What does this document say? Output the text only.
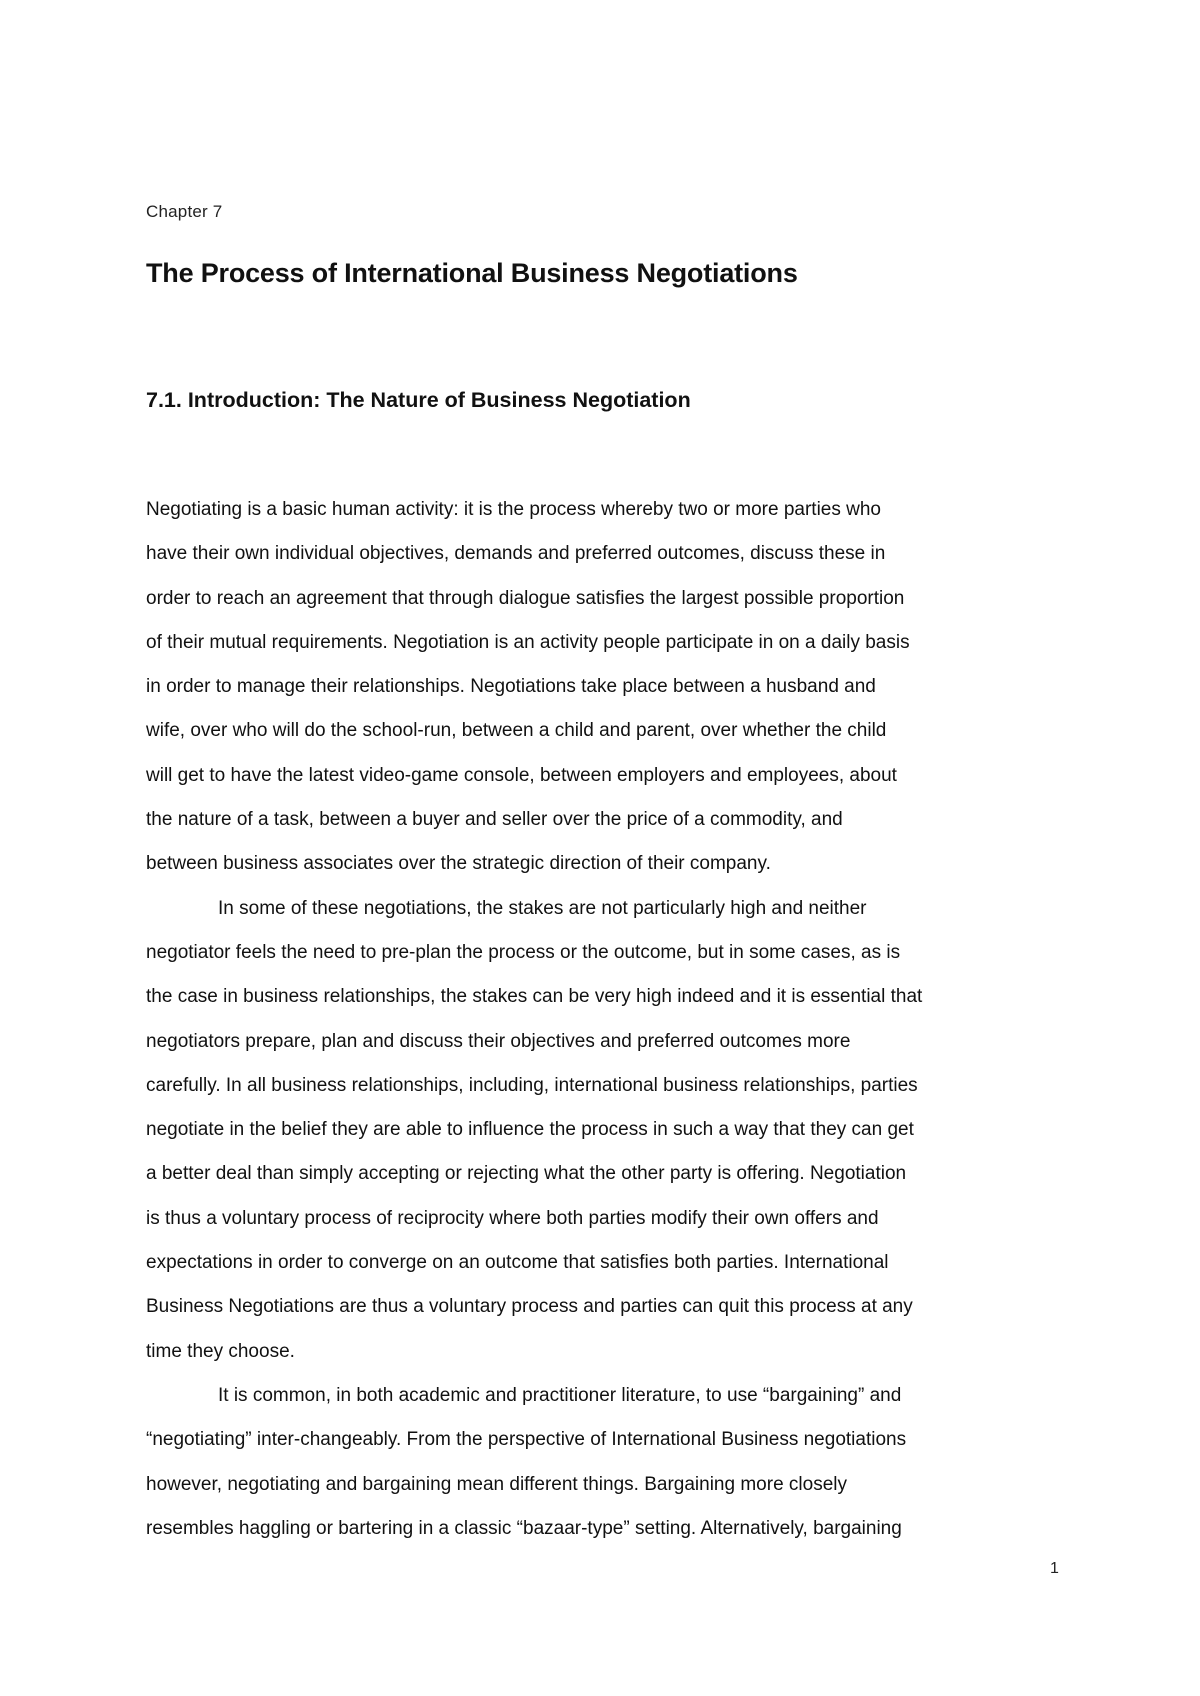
Chapter 7
The Process of International Business Negotiations
7.1. Introduction: The Nature of Business Negotiation

Negotiating is a basic human activity: it is the process whereby two or more parties who
have their own individual objectives, demands and preferred outcomes, discuss these in
order to reach an agreement that through dialogue satisfies the largest possible proportion
of their mutual requirements. Negotiation is an activity people participate in on a daily basis
in order to manage their relationships. Negotiations take place between a husband and
wife, over who will do the school-run, between a child and parent, over whether the child
will get to have the latest video-game console, between employers and employees, about
the nature of a task, between a buyer and seller over the price of a commodity, and
between business associates over the strategic direction of their company.

In some of these negotiations, the stakes are not particularly high and neither
negotiator feels the need to pre-plan the process or the outcome, but in some cases, as is
the case in business relationships, the stakes can be very high indeed and it is essential that
negotiators prepare, plan and discuss their objectives and preferred outcomes more
carefully. In all business relationships, including, international business relationships, parties
negotiate in the belief they are able to influence the process in such a way that they can get
a better deal than simply accepting or rejecting what the other party is offering. Negotiation
is thus a voluntary process of reciprocity where both parties modify their own offers and
expectations in order to converge on an outcome that satisfies both parties. International
Business Negotiations are thus a voluntary process and parties can quit this process at any
time they choose.

It is common, in both academic and practitioner literature, to use “bargaining” and
“negotiating” inter-changeably. From the perspective of International Business negotiations
however, negotiating and bargaining mean different things. Bargaining more closely
resembles haggling or bartering in a classic “bazaar-type” setting. Alternatively, bargaining

1
